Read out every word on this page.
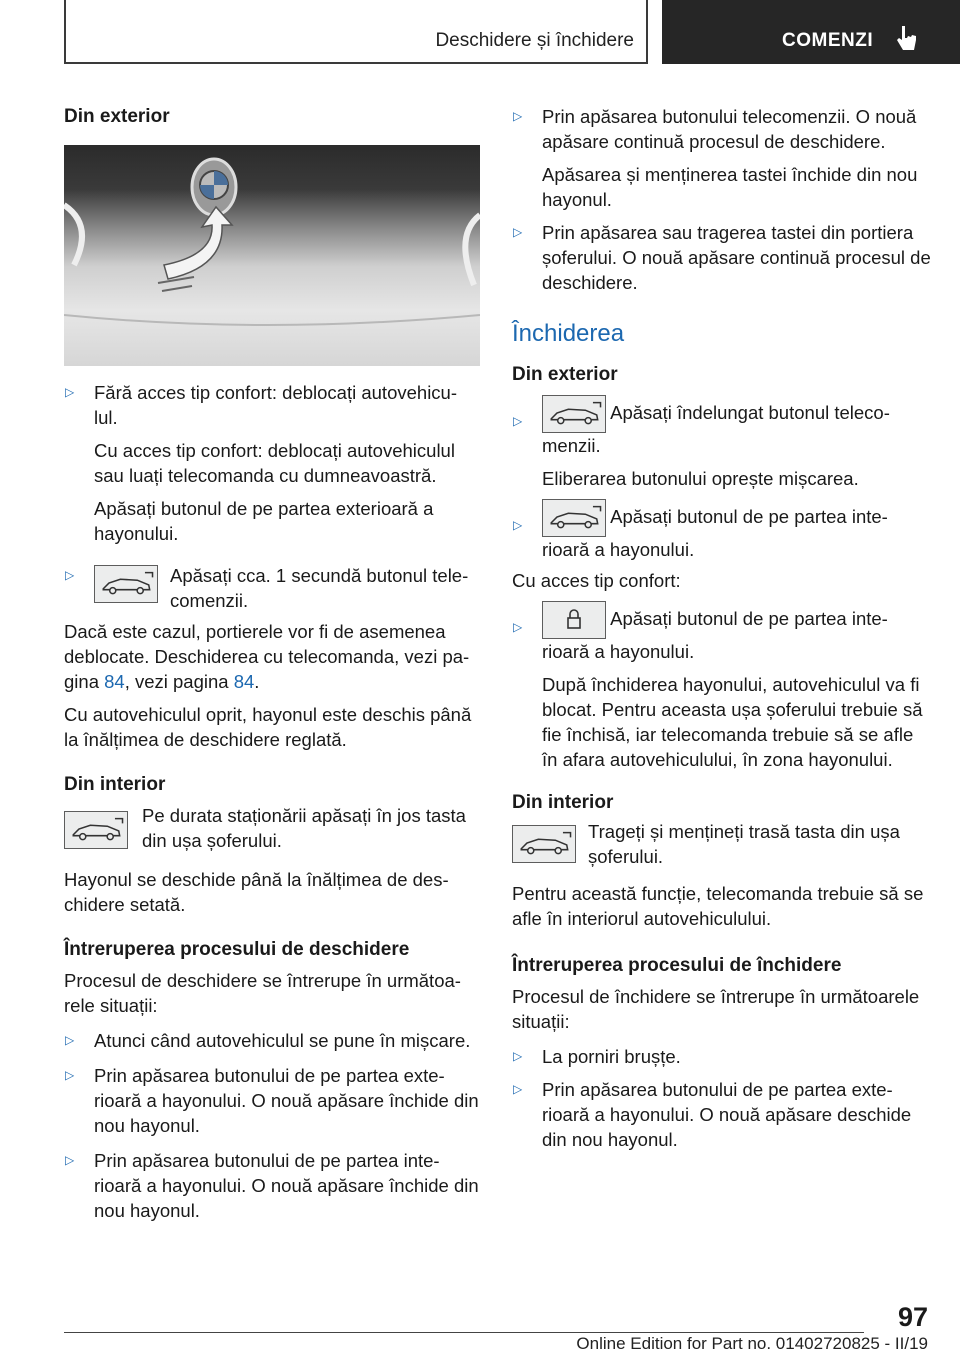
Deschidere și închidere	COMENZI

Din exterior

▷ Fără acces tip confort: deblocați autovehicu-lul.

Cu acces tip confort: deblocați autovehiculul sau luați telecomanda cu dumneavoastră.

Apăsați butonul de pe partea exterioară a hayonului.

▷	Apăsați cca. 1 secundă butonul tele-comenzii.

Dacă este cazul, portierele vor fi de asemenea deblocate. Deschiderea cu telecomanda, vezi pa-gina 84, vezi pagina 84.

Cu autovehiculul oprit, hayonul este deschis până la înălțimea de deschidere reglată.

Din interior

Pe durata staționării apăsați în jos tasta din ușa șoferului.

Hayonul se deschide până la înălțimea de des-chidere setată.

Întreruperea procesului de deschidere

Procesul de deschidere se întrerupe în următoa-rele situații:

▷ Atunci când autovehiculul se pune în mișcare.

▷ Prin apăsarea butonului de pe partea exte-rioară a hayonului. O nouă apăsare închide din nou hayonul.

▷ Prin apăsarea butonului de pe partea inte-rioară a hayonului. O nouă apăsare închide din nou hayonul.

▷ Prin apăsarea butonului telecomenzii. O nouă apăsare continuă procesul de deschidere.

Apăsarea și menținerea tastei închide din nou hayonul.

▷ Prin apăsarea sau tragerea tastei din portiera șoferului. O nouă apăsare continuă procesul de deschidere.

Închiderea

Din exterior

▷	Apăsați îndelungat butonul teleco-menzii.

Eliberarea butonului oprește mișcarea.

▷	Apăsați butonul de pe partea inte-rioară a hayonului.

Cu acces tip confort:

▷	Apăsați butonul de pe partea inte-rioară a hayonului.

După închiderea hayonului, autovehiculul va fi blocat. Pentru aceasta ușa șoferului trebuie să fie închisă, iar telecomanda trebuie să se afle în afara autovehiculului, în zona hayonului.

Din interior

Trageți și mențineți trasă tasta din ușa șoferului.

Pentru această funcție, telecomanda trebuie să se afle în interiorul autovehiculului.

Întreruperea procesului de închidere

Procesul de închidere se întrerupe în următoarele situații:

▷ La porniri brușțe.

▷ Prin apăsarea butonului de pe partea exte-rioară a hayonului. O nouă apăsare deschide din nou hayonul.

97
Online Edition for Part no. 01402720825 - II/19
